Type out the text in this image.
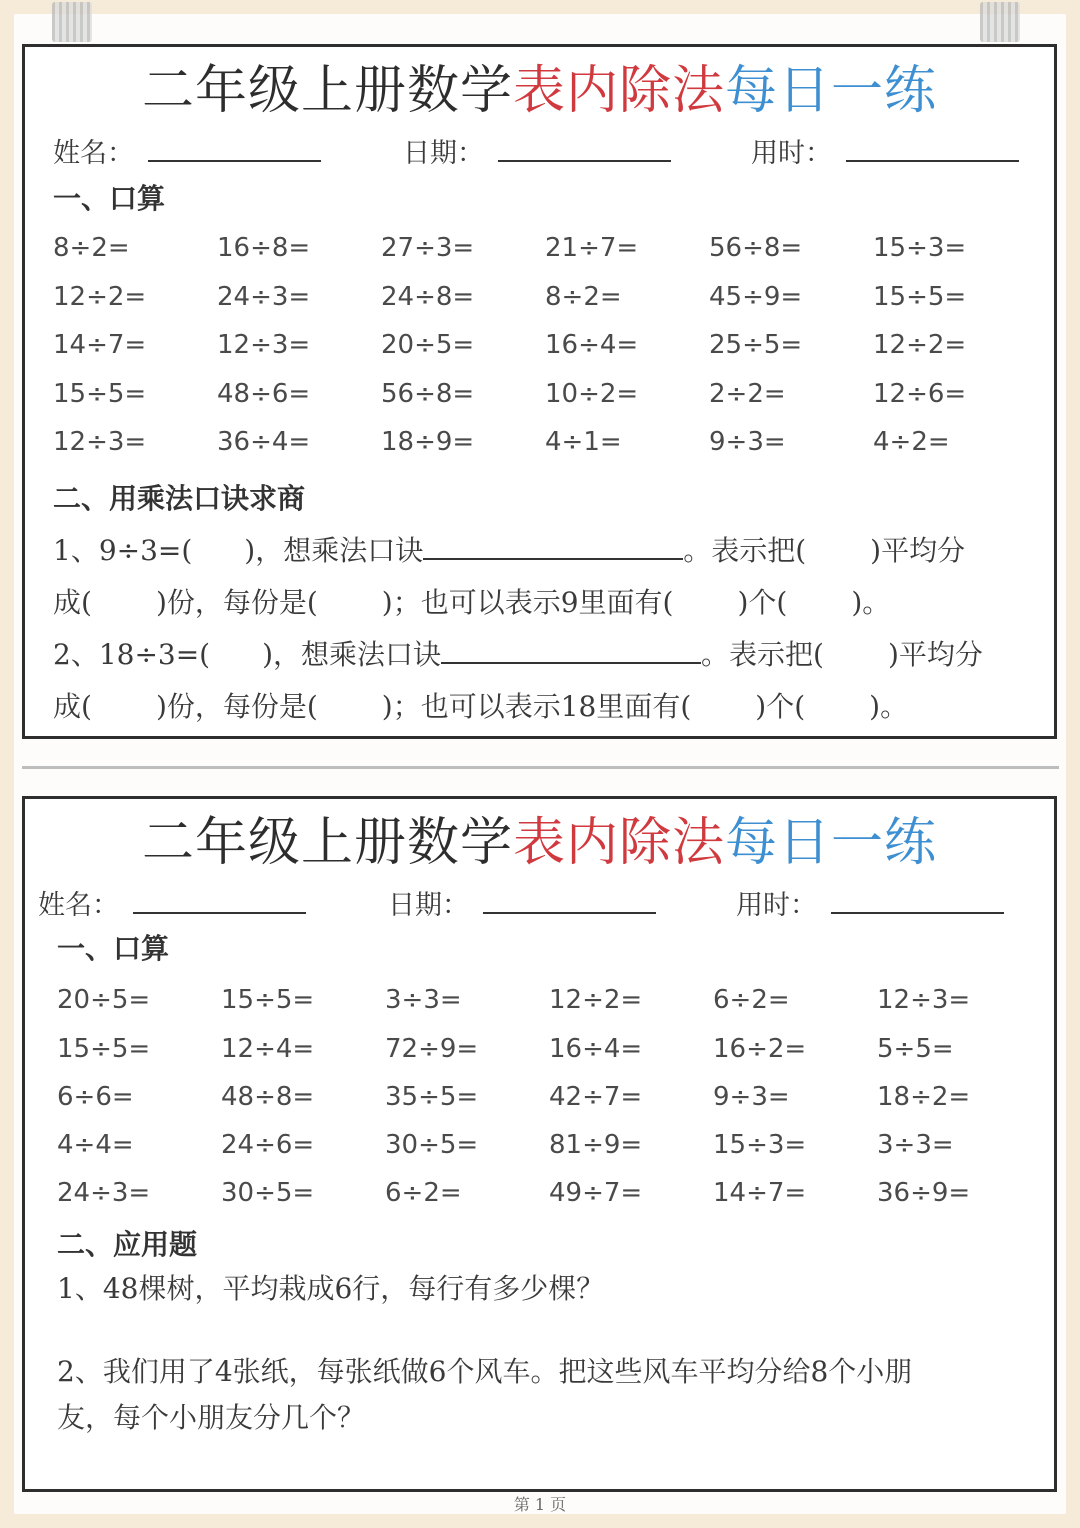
二年级上册数学表内除法每日一练
姓名：	日期：	用时：
一、口算
8÷2=	16÷8=	27÷3=	21÷7=	56÷8=	15÷3=
12÷2=	24÷3=	24÷8=	8÷2=	45÷9=	15÷5=
14÷7=	12÷3=	20÷5=	16÷4=	25÷5=	12÷2=
15÷5=	48÷6=	56÷8=	10÷2=	2÷2=	12÷6=
12÷3=	36÷4=	18÷9=	4÷1=	9÷3=	4÷2=
二、用乘法口诀求商
1、9÷3=( )，想乘法口诀	。表示把( )平均分
成( )份，每份是( )；也可以表示9里面有( )个( )。
2、18÷3=( )，想乘法口诀	。表示把( )平均分
成( )份，每份是( )；也可以表示18里面有( )个( )。
二年级上册数学表内除法每日一练
姓名：	日期：	用时：
一、口算
20÷5=	15÷5=	3÷3=	12÷2=	6÷2=	12÷3=
15÷5=	12÷4=	72÷9=	16÷4=	16÷2=	5÷5=
6÷6=	48÷8=	35÷5=	42÷7=	9÷3=	18÷2=
4÷4=	24÷6=	30÷5=	81÷9=	15÷3=	3÷3=
24÷3=	30÷5=	6÷2=	49÷7=	14÷7=	36÷9=
二、应用题
1、48棵树，平均栽成6行，每行有多少棵？
2、我们用了4张纸，每张纸做6个风车。把这些风车平均分给8个小朋
友，每个小朋友分几个？
第 1 页
